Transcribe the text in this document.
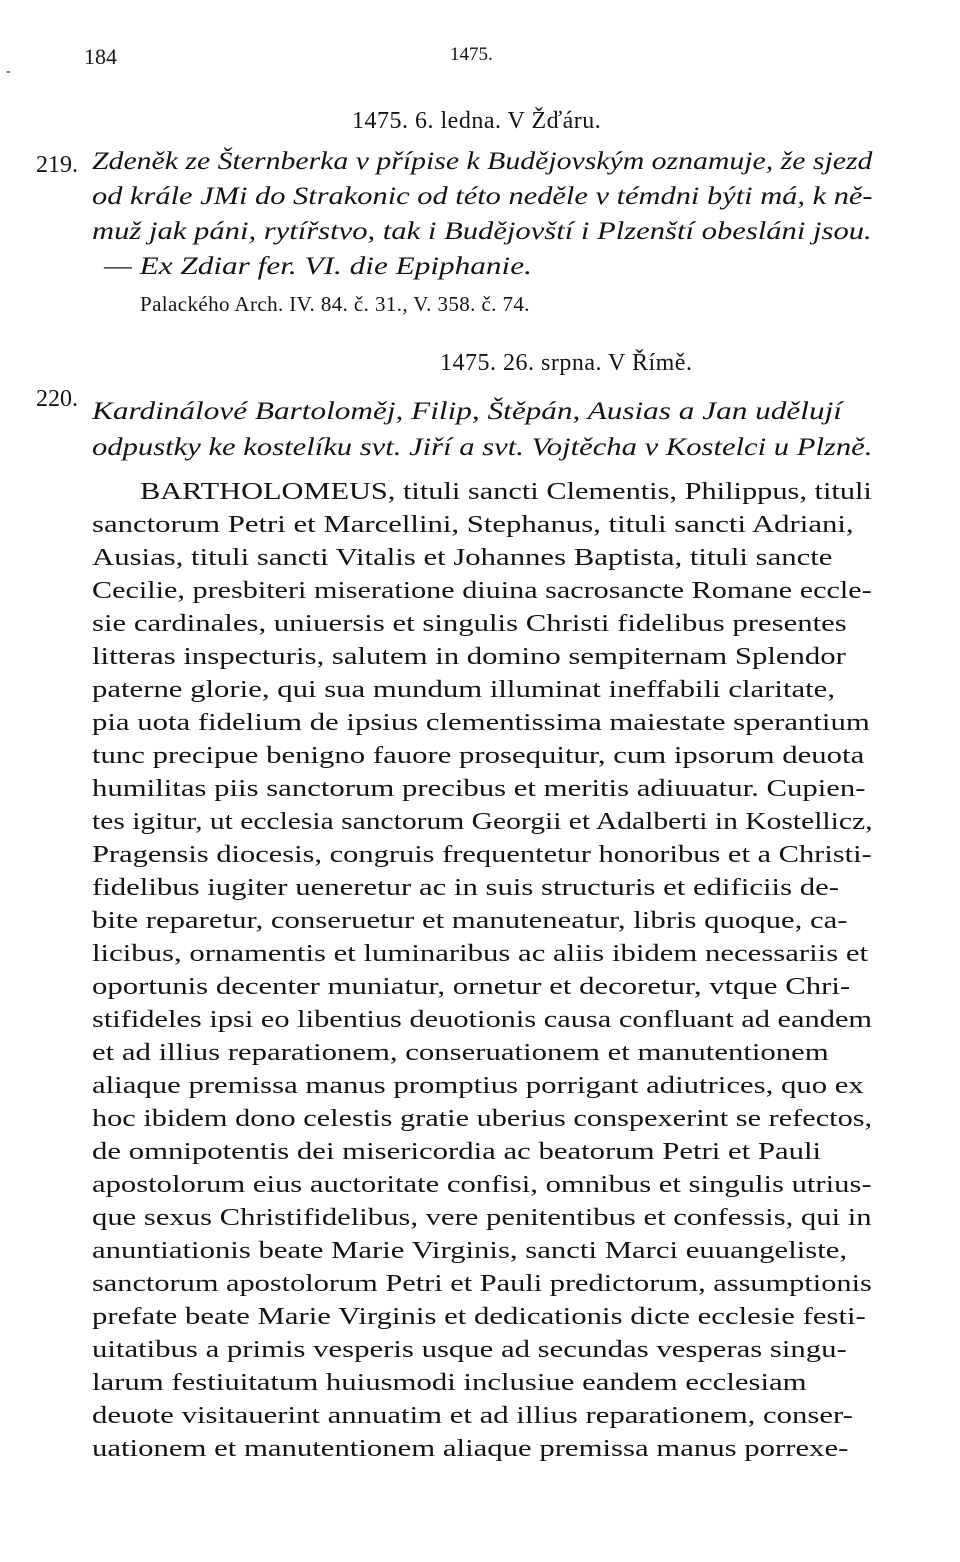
-
184	1475.
1475. 6. ledna. V Žďáru.
219. Zdeněk ze Šternberka v přípise k Budějovským oznamuje, že sjezd
od krále JMi do Strakonic od této neděle v témdni býti má, k ně-
muž jak páni, rytířstvo, tak i Budějovští i Plzenští obesláni jsou.
— Ex Zdiar fer. VI. die Epiphanie.
Palackého Arch. IV. 84. č. 31., V. 358. č. 74.
1475. 26. srpna. V Římě.
220. Kardinálové Bartoloměj, Filip, Štěpán, Ausias a Jan udělují
odpustky ke kostelíku svt. Jiří a svt. Vojtěcha v Kostelci u Plzně.
BARTHOLOMEUS, tituli sancti Clementis, Philippus, tituli
sanctorum Petri et Marcellini, Stephanus, tituli sancti Adriani,
Ausias, tituli sancti Vitalis et Johannes Baptista, tituli sancte
Cecilie, presbiteri miseratione diuina sacrosancte Romane eccle-
sie cardinales, uniuersis et singulis Christi fidelibus presentes
litteras inspecturis, salutem in domino sempiternam Splendor
paterne glorie, qui sua mundum illuminat ineffabili claritate,
pia uota fidelium de ipsius clementissima maiestate sperantium
tunc precipue benigno fauore prosequitur, cum ipsorum deuota
humilitas piis sanctorum precibus et meritis adiuuatur. Cupien-
tes igitur, ut ecclesia sanctorum Georgii et Adalberti in Kostellicz,
Pragensis diocesis, congruis frequentetur honoribus et a Christi-
fidelibus iugiter ueneretur ac in suis structuris et edificiis de-
bite reparetur, conseruetur et manuteneatur, libris quoque, ca-
licibus, ornamentis et luminaribus ac aliis ibidem necessariis et
oportunis decenter muniatur, ornetur et decoretur, vtque Chri-
stifideles ipsi eo libentius deuotionis causa confluant ad eandem
et ad illius reparationem, conseruationem et manutentionem
aliaque premissa manus promptius porrigant adiutrices, quo ex
hoc ibidem dono celestis gratie uberius conspexerint se refectos,
de omnipotentis dei misericordia ac beatorum Petri et Pauli
apostolorum eius auctoritate confisi, omnibus et singulis utrius-
que sexus Christifidelibus, vere penitentibus et confessis, qui in
anuntiationis beate Marie Virginis, sancti Marci euuangeliste,
sanctorum apostolorum Petri et Pauli predictorum, assumptionis
prefate beate Marie Virginis et dedicationis dicte ecclesie festi-
uitatibus a primis vesperis usque ad secundas vesperas singu-
larum festiuitatum huiusmodi inclusiue eandem ecclesiam
deuote visitauerint annuatim et ad illius reparationem, conser-
uationem et manutentionem aliaque premissa manus porrexe-
